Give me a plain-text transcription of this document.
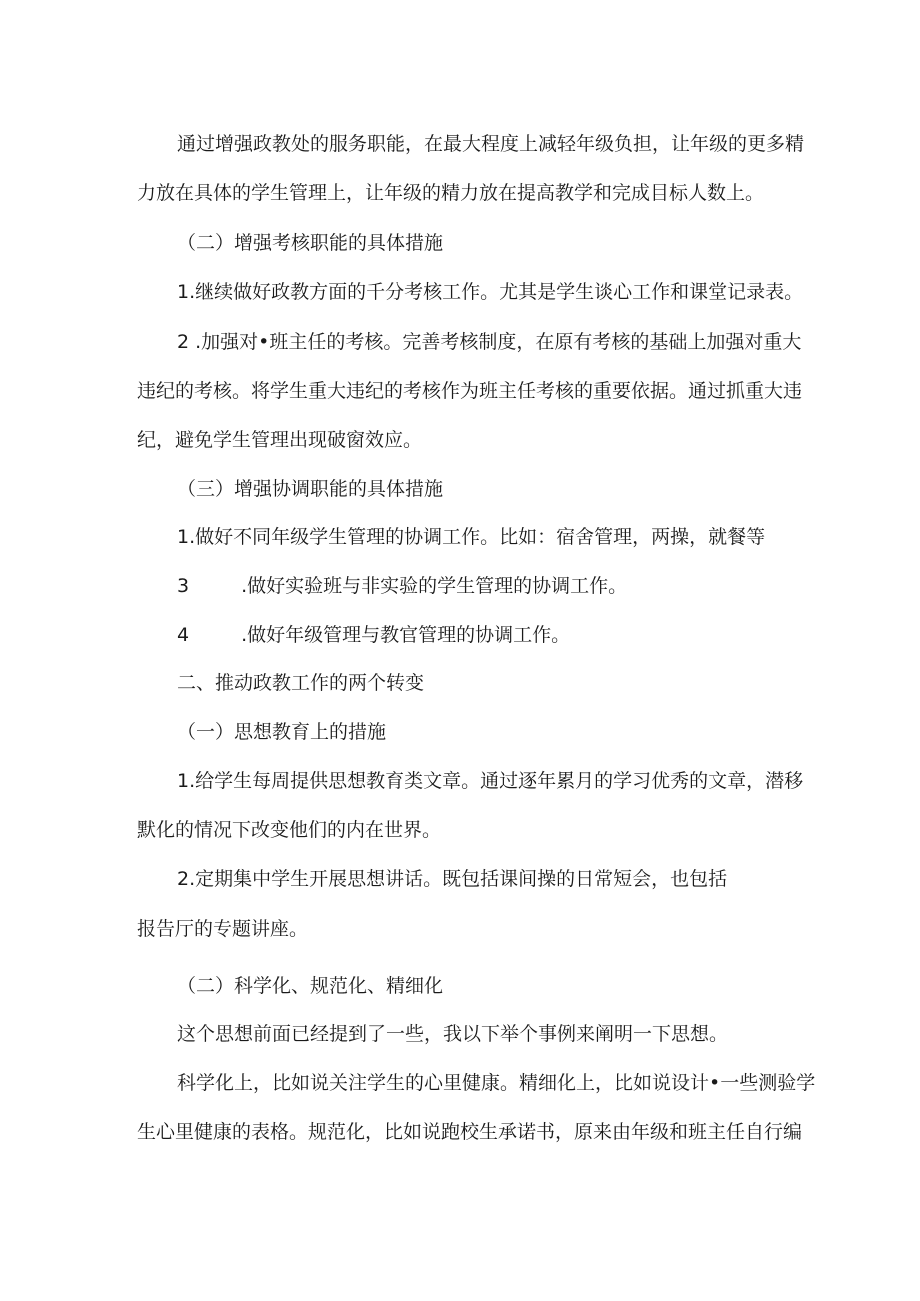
通过增强政教处的服务职能，在最大程度上减轻年级负担，让年级的更多精
力放在具体的学生管理上，让年级的精力放在提高教学和完成目标人数上。
（二）增强考核职能的具体措施
1.继续做好政教方面的千分考核工作。尤其是学生谈心工作和课堂记录表。
2 .加强对•班主任的考核。完善考核制度，在原有考核的基础上加强对重大
违纪的考核。将学生重大违纪的考核作为班主任考核的重要依据。通过抓重大违
纪，避免学生管理出现破窗效应。
（三）增强协调职能的具体措施
1.做好不同年级学生管理的协调工作。比如：宿舍管理，两操，就餐等
3	.做好实验班与非实验的学生管理的协调工作。
4	.做好年级管理与教官管理的协调工作。
二、推动政教工作的两个转变
（一）思想教育上的措施
1.给学生每周提供思想教育类文章。通过逐年累月的学习优秀的文章，潜移
默化的情况下改变他们的内在世界。
2.定期集中学生开展思想讲话。既包括课间操的日常短会，也包括
报告厅的专题讲座。
（二）科学化、规范化、精细化
这个思想前面已经提到了一些，我以下举个事例来阐明一下思想。
科学化上，比如说关注学生的心里健康。精细化上，比如说设计•一些测验学
生心里健康的表格。规范化，比如说跑校生承诺书，原来由年级和班主任自行编
